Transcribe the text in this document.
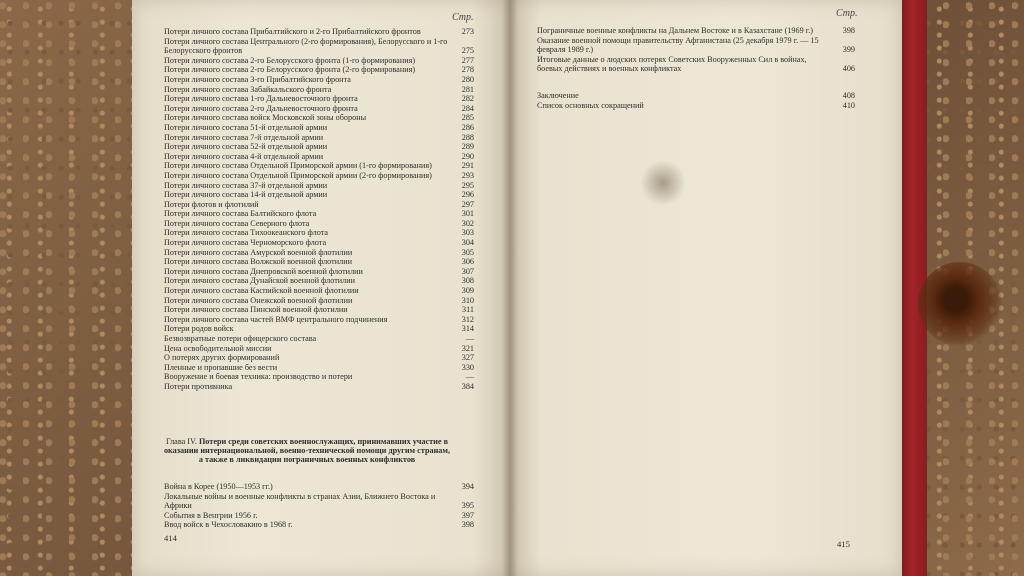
Стр.	Стр.
Потери личного состава Прибалтийского и 2-го Прибалтийского фронтов	273
Потери личного состава Центрального (2-го формирования), Белорусского и 1-го Белорусского фронтов	275
Потери личного состава 2-го Белорусского фронта (1-го формирования)	277
Потери личного состава 2-го Белорусского фронта (2-го формирования)	278
Потери личного состава 3-го Прибалтийского фронта	280
Потери личного состава Забайкальского фронта	281
Потери личного состава 1-го Дальневосточного фронта	282
Потери личного состава 2-го Дальневосточного фронта	284
Потери личного состава войск Московской зоны обороны	285
Потери личного состава 51-й отдельной армии	286
Потери личного состава 7-й отдельной армии	288
Потери личного состава 52-й отдельной армии	289
Потери личного состава 4-й отдельной армии	290
Потери личного состава Отдельной Приморской армии (1-го формирования)	291
Потери личного состава Отдельной Приморской армии (2-го формирования)	293
Потери личного состава 37-й отдельной армии	295
Потери личного состава 14-й отдельной армии	296
Потери флотов и флотилий	297
Потери личного состава Балтийского флота	301
Потери личного состава Северного флота	302
Потери личного состава Тихоокеанского флота	303
Потери личного состава Черноморского флота	304
Потери личного состава Амурской военной флотилии	305
Потери личного состава Волжской военной флотилии	306
Потери личного состава Днепровской военной флотилии	307
Потери личного состава Дунайской военной флотилии	308
Потери личного состава Каспийской военной флотилии	309
Потери личного состава Онежской военной флотилии	310
Потери личного состава Пинской военной флотилии	311
Потери личного состава частей ВМФ центрального подчинения	312
Потери родов войск	314
Безвозвратные потери офицерского состава	—
Цена освободительной миссии	321
О потерях других формирований	327
Пленные и пропавшие без вести	330
Вооружение и боевая техника: производство и потери	—
Потери противника	384
Глава IV. Потери среди советских военнослужащих, принимавших участие в оказании интернациональной, военно-технической помощи другим странам, а также в ликвидации пограничных военных конфликтов
Война в Корее (1950—1953 гг.)	394
Локальные войны и военные конфликты в странах Азии, Ближнего Востока и Африки	395
События в Венгрии 1956 г.	397
Ввод войск в Чехословакию в 1968 г.	398
Пограничные военные конфликты на Дальнем Востоке и в Казахстане (1969 г.)	398
Оказание военной помощи правительству Афганистана (25 декабря 1979 г. — 15 февраля 1989 г.)	399
Итоговые данные о людских потерях Советских Вооруженных Сил в войнах, боевых действиях и военных конфликтах	406
Заключение	408
Список основных сокращений	410
414
415
